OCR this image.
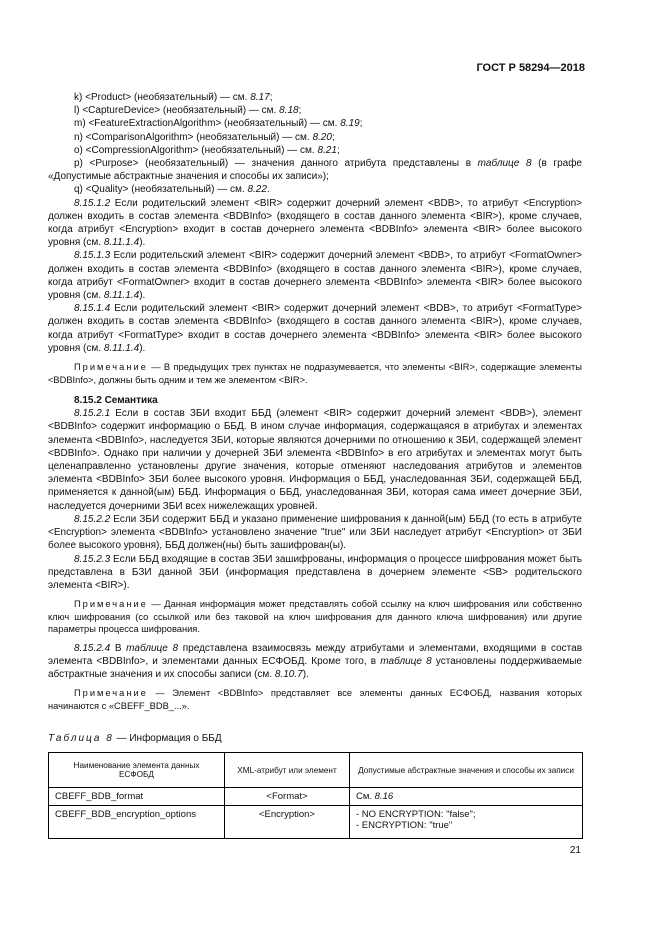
ГОСТ Р 58294—2018

k) <Product> (необязательный) — см. 8.17;

l) <CaptureDevice> (необязательный) — см. 8.18;

m) <FeatureExtractionAlgorithm> (необязательный) — см. 8.19;

n) <ComparisonAlgorithm> (необязательный) — см. 8.20;

o) <CompressionAlgorithm> (необязательный) — см. 8.21;

p) <Purpose> (необязательный) — значения данного атрибута представлены в таблице 8 (в графе «Допустимые абстрактные значения и способы их записи»);

q) <Quality> (необязательный) — см. 8.22.

8.15.1.2 Если родительский элемент <BIR> содержит дочерний элемент <BDB>, то атрибут <Encryption> должен входить в состав элемента <BDBInfo> (входящего в состав данного элемента <BIR>), кроме случаев, когда атрибут <Encryption> входит в состав дочернего элемента <BDBInfo> элемента <BIR> более высокого уровня (см. 8.11.1.4).

8.15.1.3 Если родительский элемент <BIR> содержит дочерний элемент <BDB>, то атрибут <FormatOwner> должен входить в состав элемента <BDBInfo> (входящего в состав данного элемента <BIR>), кроме случаев, когда атрибут <FormatOwner> входит в состав дочернего элемента <BDBInfo> элемента <BIR> более высокого уровня (см. 8.11.1.4).

8.15.1.4 Если родительский элемент <BIR> содержит дочерний элемент <BDB>, то атрибут <FormatType> должен входить в состав элемента <BDBInfo> (входящего в состав данного элемента <BIR>), кроме случаев, когда атрибут <FormatType> входит в состав дочернего элемента <BDBInfo> элемента <BIR> более высокого уровня (см. 8.11.1.4).

Примечание — В предыдущих трех пунктах не подразумевается, что элементы <BIR>, содержащие элементы <BDBInfo>, должны быть одним и тем же элементом <BIR>.

8.15.2 Семантика

8.15.2.1 Если в состав ЗБИ входит ББД (элемент <BIR> содержит дочерний элемент <BDB>), элемент <BDBInfo> содержит информацию о ББД. В ином случае информация, содержащаяся в атрибутах и элементах элемента <BDBInfo>, наследуется ЗБИ, которые являются дочерними по отношению к ЗБИ, содержащей элемент <BDBInfo>. Однако при наличии у дочерней ЗБИ элемента <BDBInfo> в его атрибутах и элементах могут быть целенаправленно установлены другие значения, которые отменяют наследования атрибутов и элементов элемента <BDBInfo> ЗБИ более высокого уровня. Информация о ББД, унаследованная ЗБИ, содержащей ББД, применяется к данной(ым) ББД. Информация о ББД, унаследованная ЗБИ, которая сама имеет дочерние ЗБИ, наследуется дочерними ЗБИ всех нижележащих уровней.

8.15.2.2 Если ЗБИ содержит ББД и указано применение шифрования к данной(ым) ББД (то есть в атрибуте <Encryption> элемента <BDBInfo> установлено значение "true" или ЗБИ наследует атрибут <Encryption> от ЗБИ более высокого уровня), ББД должен(ны) быть зашифрован(ы).

8.15.2.3 Если ББД входящие в состав ЗБИ зашифрованы, информация о процессе шифрования может быть представлена в БЗИ данной ЗБИ (информация представлена в дочернем элементе <SB> родительского элемента <BIR>).

Примечание — Данная информация может представлять собой ссылку на ключ шифрования или собственно ключ шифрования (со ссылкой или без таковой на ключ шифрования для данного ключа шифрования) или другие параметры процесса шифрования.

8.15.2.4 В таблице 8 представлена взаимосвязь между атрибутами и элементами, входящими в состав элемента <BDBInfo>, и элементами данных ЕСФОБД. Кроме того, в таблице 8 установлены поддерживаемые абстрактные значения и их способы записи (см. 8.10.7).

Примечание — Элемент <BDBInfo> представляет все элементы данных ЕСФОБД, названия которых начинаются с «CBEFF_BDB_...».

Таблица 8 — Информация о ББД
Наименование элемента данных ЕСФОБД	XML-атрибут или элемент	Допустимые абстрактные значения и способы их записи
CBEFF_BDB_format	<Format>	См. 8.16
CBEFF_BDB_encryption_options	<Encryption>	- NO ENCRYPTION: "false";
- ENCRYPTION: "true"
21
